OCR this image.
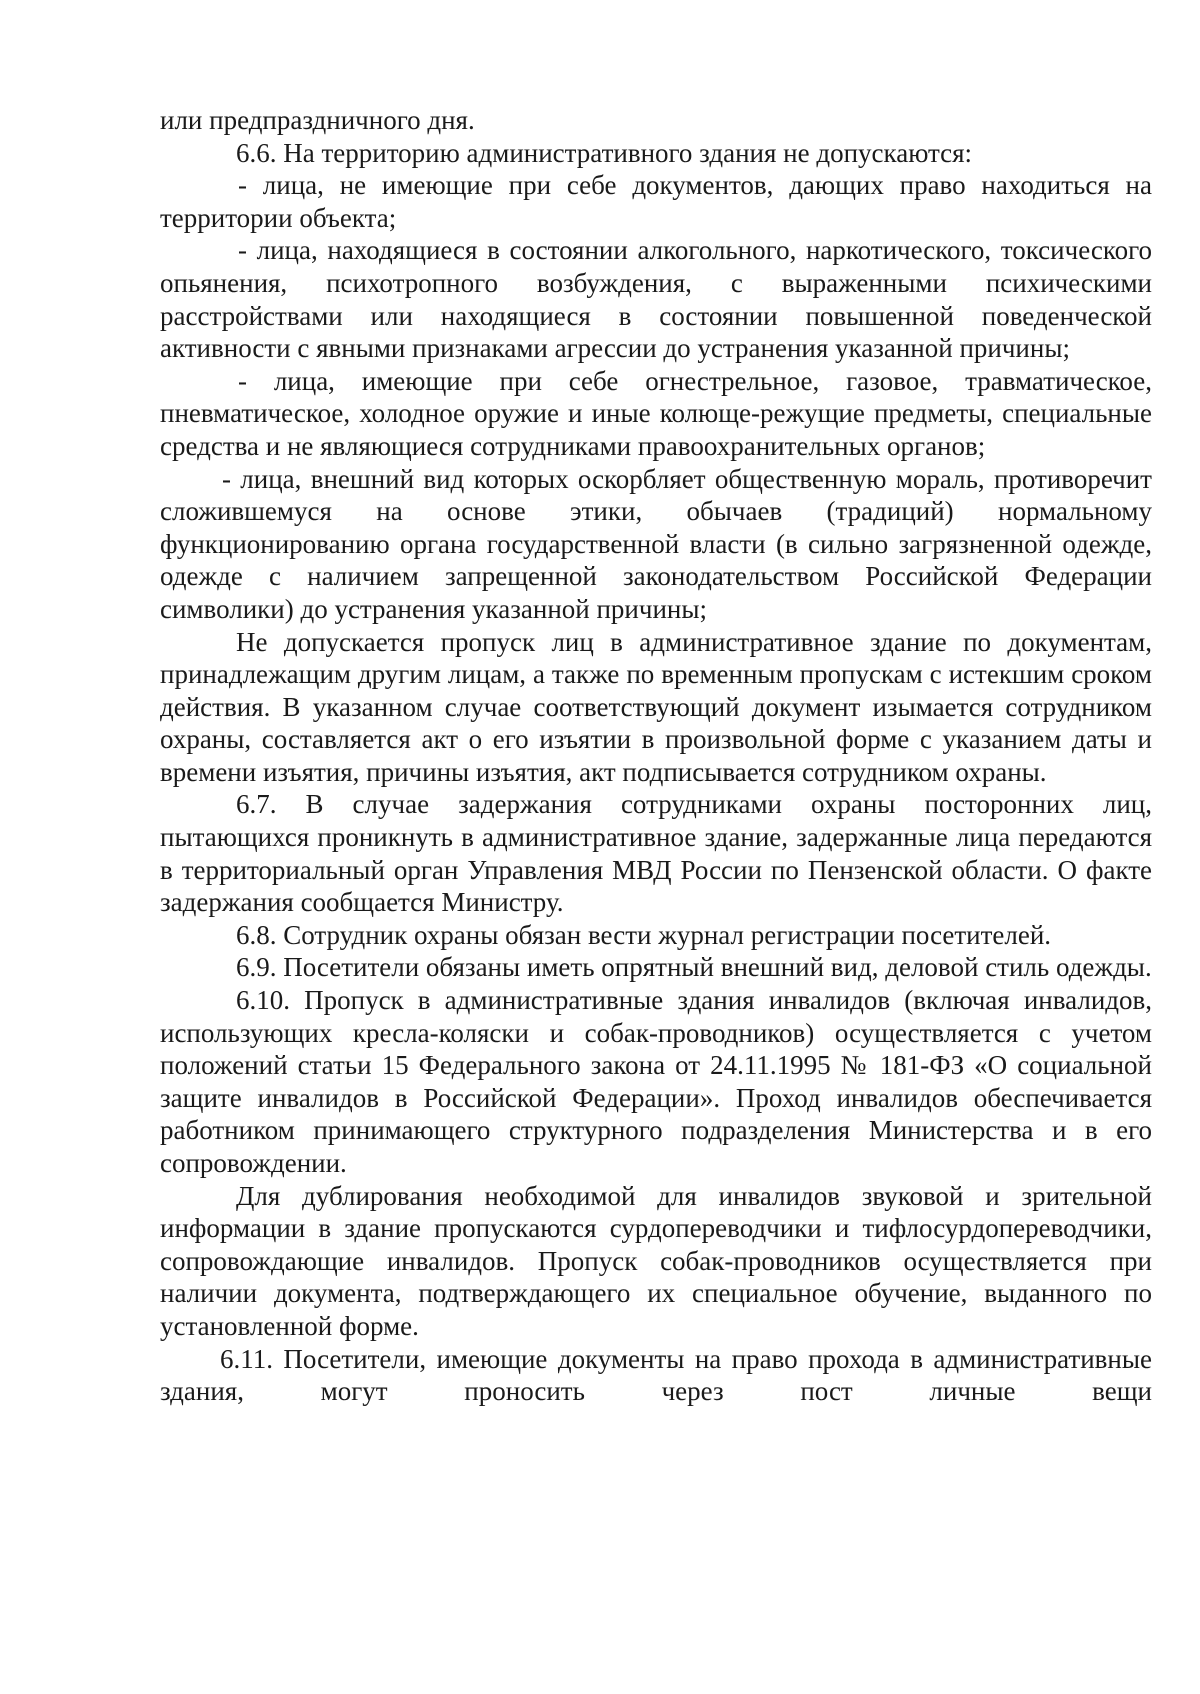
или предпраздничного дня.

6.6. На территорию административного здания не допускаются:

- лица, не имеющие при себе документов, дающих право находиться на территории объекта;

- лица, находящиеся в состоянии алкогольного, наркотического, токсического опьянения, психотропного возбуждения, с выраженными психическими расстройствами или находящиеся в состоянии повышенной поведенческой активности с явными признаками агрессии до устранения указанной причины;

- лица, имеющие при себе огнестрельное, газовое, травматическое, пневматическое, холодное оружие и иные колюще-режущие предметы, специальные средства и не являющиеся сотрудниками правоохранительных органов;

- лица, внешний вид которых оскорбляет общественную мораль, противоречит сложившемуся на основе этики, обычаев (традиций) нормальному функционированию органа государственной власти (в сильно загрязненной одежде, одежде с наличием запрещенной законодательством Российской Федерации символики) до устранения указанной причины;

Не допускается пропуск лиц в административное здание по документам, принадлежащим другим лицам, а также по временным пропускам с истекшим сроком действия. В указанном случае соответствующий документ изымается сотрудником охраны, составляется акт о его изъятии в произвольной форме с указанием даты и времени изъятия, причины изъятия, акт подписывается сотрудником охраны.

6.7. В случае задержания сотрудниками охраны посторонних лиц, пытающихся проникнуть в административное здание, задержанные лица передаются в территориальный орган Управления МВД России по Пензенской области. О факте задержания сообщается Министру.

6.8. Сотрудник охраны обязан вести журнал регистрации посетителей.

6.9. Посетители обязаны иметь опрятный внешний вид, деловой стиль одежды.

6.10. Пропуск в административные здания инвалидов (включая инвалидов, использующих кресла-коляски и собак-проводников) осуществляется с учетом положений статьи 15 Федерального закона от 24.11.1995 № 181-ФЗ «О социальной защите инвалидов в Российской Федерации». Проход инвалидов обеспечивается работником принимающего структурного подразделения Министерства и в его сопровождении.

Для дублирования необходимой для инвалидов звуковой и зрительной информации в здание пропускаются сурдопереводчики и тифлосурдопереводчики, сопровождающие инвалидов. Пропуск собак-проводников осуществляется при наличии документа, подтверждающего их специальное обучение, выданного по установленной форме.

6.11. Посетители, имеющие документы на право прохода в административные здания, могут проносить через пост личные вещи
